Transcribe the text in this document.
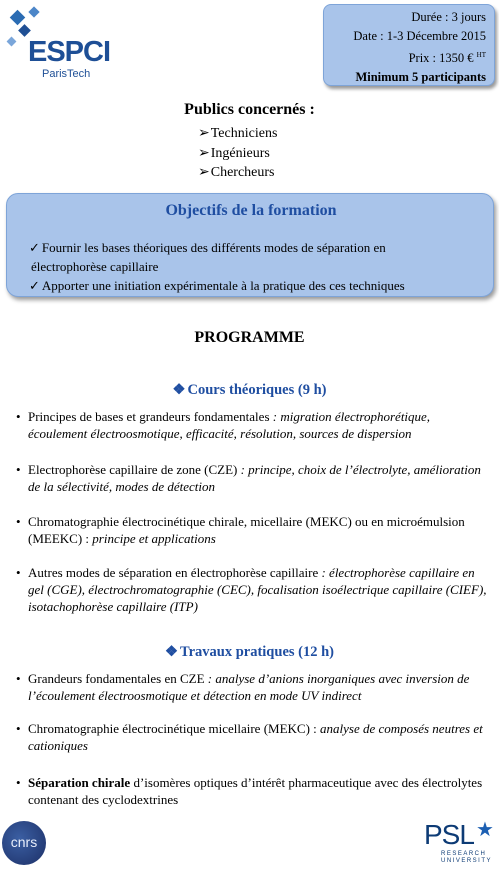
ESPCI
ParisTech
Durée : 3 jours
Date : 1-3 Décembre 2015
Prix : 1350 € $^{HT}$
Minimum 5 participants
Publics concernés :
➢ Techniciens
➢ Ingénieurs
➢ Chercheurs
Objectifs de la formation
✓ Fournir les bases théoriques des différents modes de séparation en
électrophorèse capillaire
✓ Apporter une initiation expérimentale à la pratique des ces techniques
PROGRAMME
❖ Cours théoriques (9 h)
• Principes de bases et grandeurs fondamentales : migration électrophorétique, écoulement électroosmotique, efficacité, résolution, sources de dispersion
• Electrophorèse capillaire de zone (CZE) : principe, choix de l’électrolyte, amélioration de la sélectivité, modes de détection
• Chromatographie électrocinétique chirale, micellaire (MEKC) ou en microémulsion (MEEKC) : principe et applications
• Autres modes de séparation en électrophorèse capillaire : électrophorèse capillaire en gel (CGE), électrochromatographie (CEC), focalisation isoélectrique capillaire (CIEF), isotachophorèse capillaire (ITP)
❖ Travaux pratiques (12 h)
• Grandeurs fondamentales en CZE : analyse d’anions inorganiques avec inversion de l’écoulement électroosmotique et détection en mode UV indirect
• Chromatographie électrocinétique micellaire (MEKC) : analyse de composés neutres et cationiques
• Séparation chirale d’isomères optiques d’intérêt pharmaceutique avec des électrolytes contenant des cyclodextrines
cnrs	PSL ★
RESEARCH
UNIVERSITY
